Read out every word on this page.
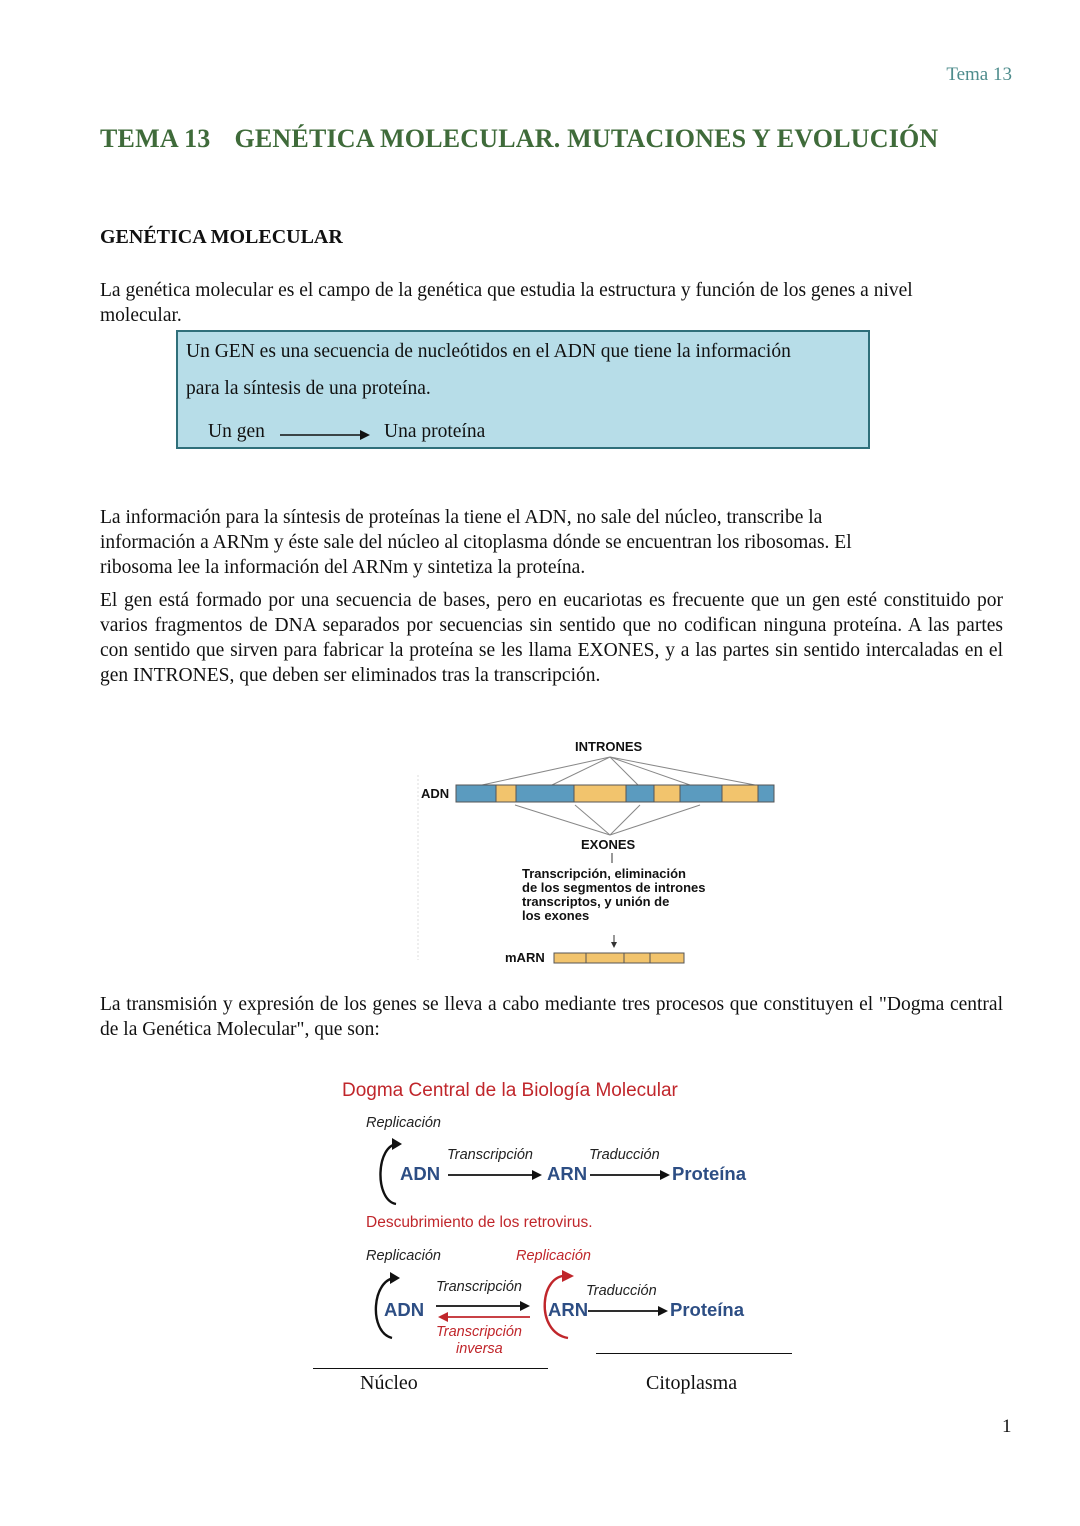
Tema 13
TEMA 13 GENÉTICA MOLECULAR. MUTACIONES Y EVOLUCIÓN
GENÉTICA MOLECULAR
La genética molecular es el campo de la genética que estudia la estructura y función de los genes a nivel
molecular.
Un GEN es una secuencia de nucleótidos en el ADN que tiene la información
para la síntesis de una proteína.
Un gen	Una proteína
La información para la síntesis de proteínas la tiene el ADN, no sale del núcleo, transcribe la
información a ARNm y éste sale del núcleo al citoplasma dónde se encuentran los ribosomas. El
ribosoma lee la información del ARNm y sintetiza la proteína.
El gen está formado por una secuencia de bases, pero en eucariotas es frecuente que un gen esté constituido por varios fragmentos de DNA separados por secuencias sin sentido que no codifican ninguna proteína. A las partes con sentido que sirven para fabricar la proteína se les llama EXONES, y a las partes sin sentido intercaladas en el gen INTRONES, que deben ser eliminados tras la transcripción.
INTRONES
ADN
EXONES
mARN
Transcripción, eliminación
de los segmentos de intrones
transcriptos, y unión de
los exones
La transmisión y expresión de los genes se lleva a cabo mediante tres procesos que constituyen el "Dogma central de la Genética Molecular", que son:
Dogma Central de la Biología Molecular
Replicación
ADN
Transcripción
ARN
Traducción
Proteína
Descubrimiento de los retrovirus.
Replicación	Replicación
ADN
Transcripción
Transcripción
inversa
ARN
Traducción
Proteína
Núcleo	Citoplasma
1
